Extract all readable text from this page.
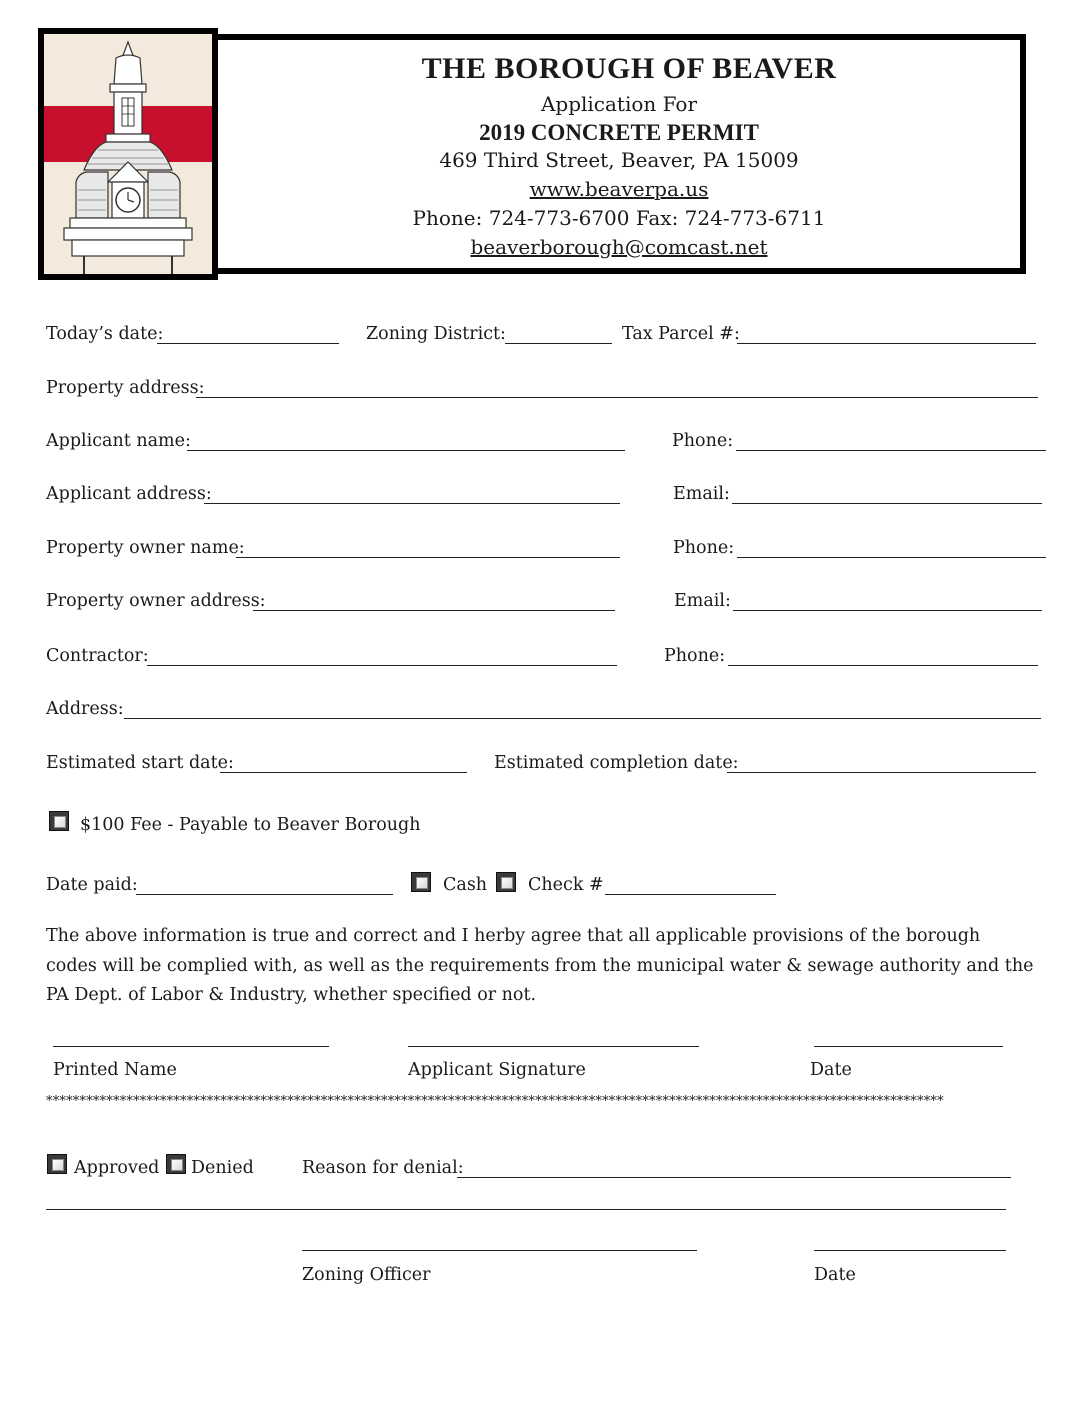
THE BOROUGH OF BEAVER
Application For
2019 CONCRETE PERMIT
469 Third Street, Beaver, PA 15009
www.beaverpa.us
Phone: 724-773-6700 Fax: 724-773-6711
beaverborough@comcast.net
Today’s date:	Zoning District:	Tax Parcel #:
Property address:
Applicant name:	Phone:
Applicant address:	Email:
Property owner name:	Phone:
Property owner address:	Email:
Contractor:	Phone:
Address:
Estimated start date:	Estimated completion date:
$100 Fee - Payable to Beaver Borough
Date paid:	Cash Check #
The above information is true and correct and I herby agree that all applicable provisions of the borough codes will be complied with, as well as the requirements from the municipal water & sewage authority and the PA Dept. of Labor & Industry, whether specified or not.
Printed Name	Applicant Signature	Date
**************************************************************************************************************************************
Approved Denied	Reason for denial:
Zoning Officer	Date
